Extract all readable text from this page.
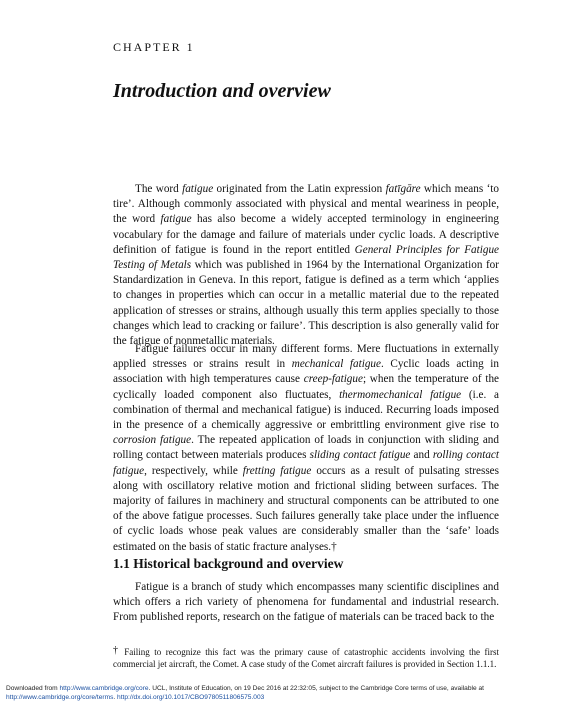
CHAPTER 1
Introduction and overview

The word fatigue originated from the Latin expression fatīgāre which means ‘to tire’. Although commonly associated with physical and mental weariness in people, the word fatigue has also become a widely accepted terminology in engineering vocabulary for the damage and failure of materials under cyclic loads. A descriptive definition of fatigue is found in the report entitled General Principles for Fatigue Testing of Metals which was published in 1964 by the International Organization for Standardization in Geneva. In this report, fatigue is defined as a term which ‘applies to changes in properties which can occur in a metallic material due to the repeated application of stresses or strains, although usually this term applies specially to those changes which lead to cracking or failure’. This description is also generally valid for the fatigue of nonmetallic materials.

Fatigue failures occur in many different forms. Mere fluctuations in externally applied stresses or strains result in mechanical fatigue. Cyclic loads acting in association with high temperatures cause creep-fatigue; when the temperature of the cyclically loaded component also fluctuates, thermomechanical fatigue (i.e. a combination of thermal and mechanical fatigue) is induced. Recurring loads imposed in the presence of a chemically aggressive or embrittling environment give rise to corrosion fatigue. The repeated application of loads in conjunction with sliding and rolling contact between materials produces sliding contact fatigue and rolling contact fatigue, respectively, while fretting fatigue occurs as a result of pulsating stresses along with oscillatory relative motion and frictional sliding between surfaces. The majority of failures in machinery and structural components can be attributed to one of the above fatigue processes. Such failures generally take place under the influence of cyclic loads whose peak values are considerably smaller than the ‘safe’ loads estimated on the basis of static fracture analyses.†

1.1 Historical background and overview

Fatigue is a branch of study which encompasses many scientific disciplines and which offers a rich variety of phenomena for fundamental and industrial research. From published reports, research on the fatigue of materials can be traced back to the

† Failing to recognize this fact was the primary cause of catastrophic accidents involving the first commercial jet aircraft, the Comet. A case study of the Comet aircraft failures is provided in Section 1.1.1.
Downloaded from http://www.cambridge.org/core. UCL, Institute of Education, on 19 Dec 2016 at 22:32:05, subject to the Cambridge Core terms of use, available at
http://www.cambridge.org/core/terms. http://dx.doi.org/10.1017/CBO9780511806575.003
